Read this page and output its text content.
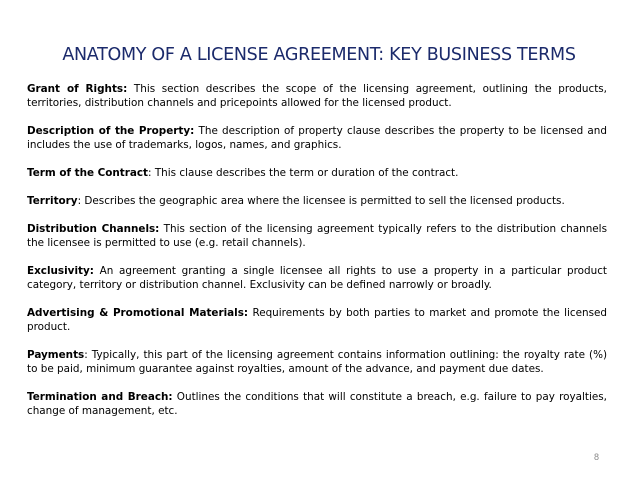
ANATOMY OF A LICENSE AGREEMENT: KEY BUSINESS TERMS

Grant of Rights: This section describes the scope of the licensing agreement, outlining the products, territories, distribution channels and pricepoints allowed for the licensed product.

Description of the Property: The description of property clause describes the property to be licensed and includes the use of trademarks, logos, names, and graphics.

Term of the Contract: This clause describes the term or duration of the contract.

Territory: Describes the geographic area where the licensee is permitted to sell the licensed products.

Distribution Channels: This section of the licensing agreement typically refers to the distribution channels the licensee is permitted to use (e.g. retail channels).

Exclusivity: An agreement granting a single licensee all rights to use a property in a particular product category, territory or distribution channel. Exclusivity can be defined narrowly or broadly.

Advertising & Promotional Materials: Requirements by both parties to market and promote the licensed product.

Payments: Typically, this part of the licensing agreement contains information outlining: the royalty rate (%) to be paid, minimum guarantee against royalties, amount of the advance, and payment due dates.

Termination and Breach: Outlines the conditions that will constitute a breach, e.g. failure to pay royalties, change of management, etc.

8
